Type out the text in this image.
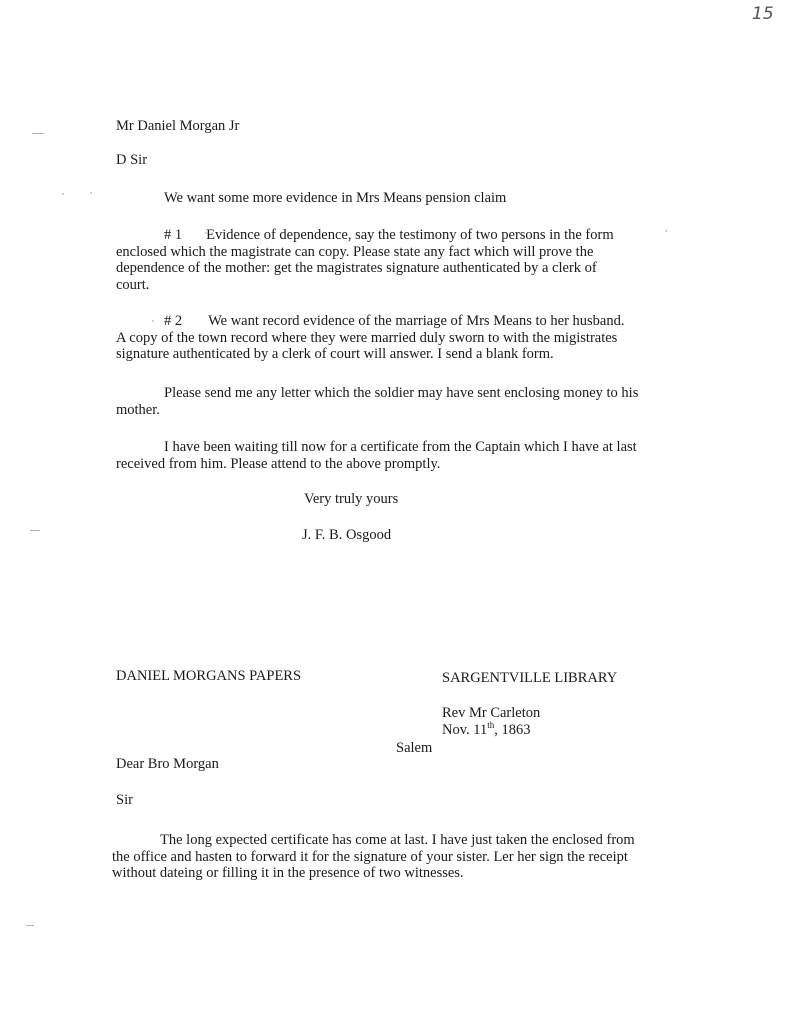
15
Mr Daniel Morgan Jr
D Sir
We want some more evidence in Mrs Means pension claim
# 1 Evidence of dependence, say the testimony of two persons in the form
enclosed which the magistrate can copy. Please state any fact which will prove the
dependence of the mother: get the magistrates signature authenticated by a clerk of
court.
# 2 We want record evidence of the marriage of Mrs Means to her husband.
A copy of the town record where they were married duly sworn to with the migistrates
signature authenticated by a clerk of court will answer. I send a blank form.
Please send me any letter which the soldier may have sent enclosing money to his
mother.
I have been waiting till now for a certificate from the Captain which I have at last
received from him. Please attend to the above promptly.
Very truly yours
J. F. B. Osgood
DANIEL MORGANS PAPERS	SARGENTVILLE LIBRARY
Rev Mr Carleton
Nov. 11th, 1863
Salem
Dear Bro Morgan
Sir
The long expected certificate has come at last. I have just taken the enclosed from
the office and hasten to forward it for the signature of your sister. Ler her sign the receipt
without dateing or filling it in the presence of two witnesses.
